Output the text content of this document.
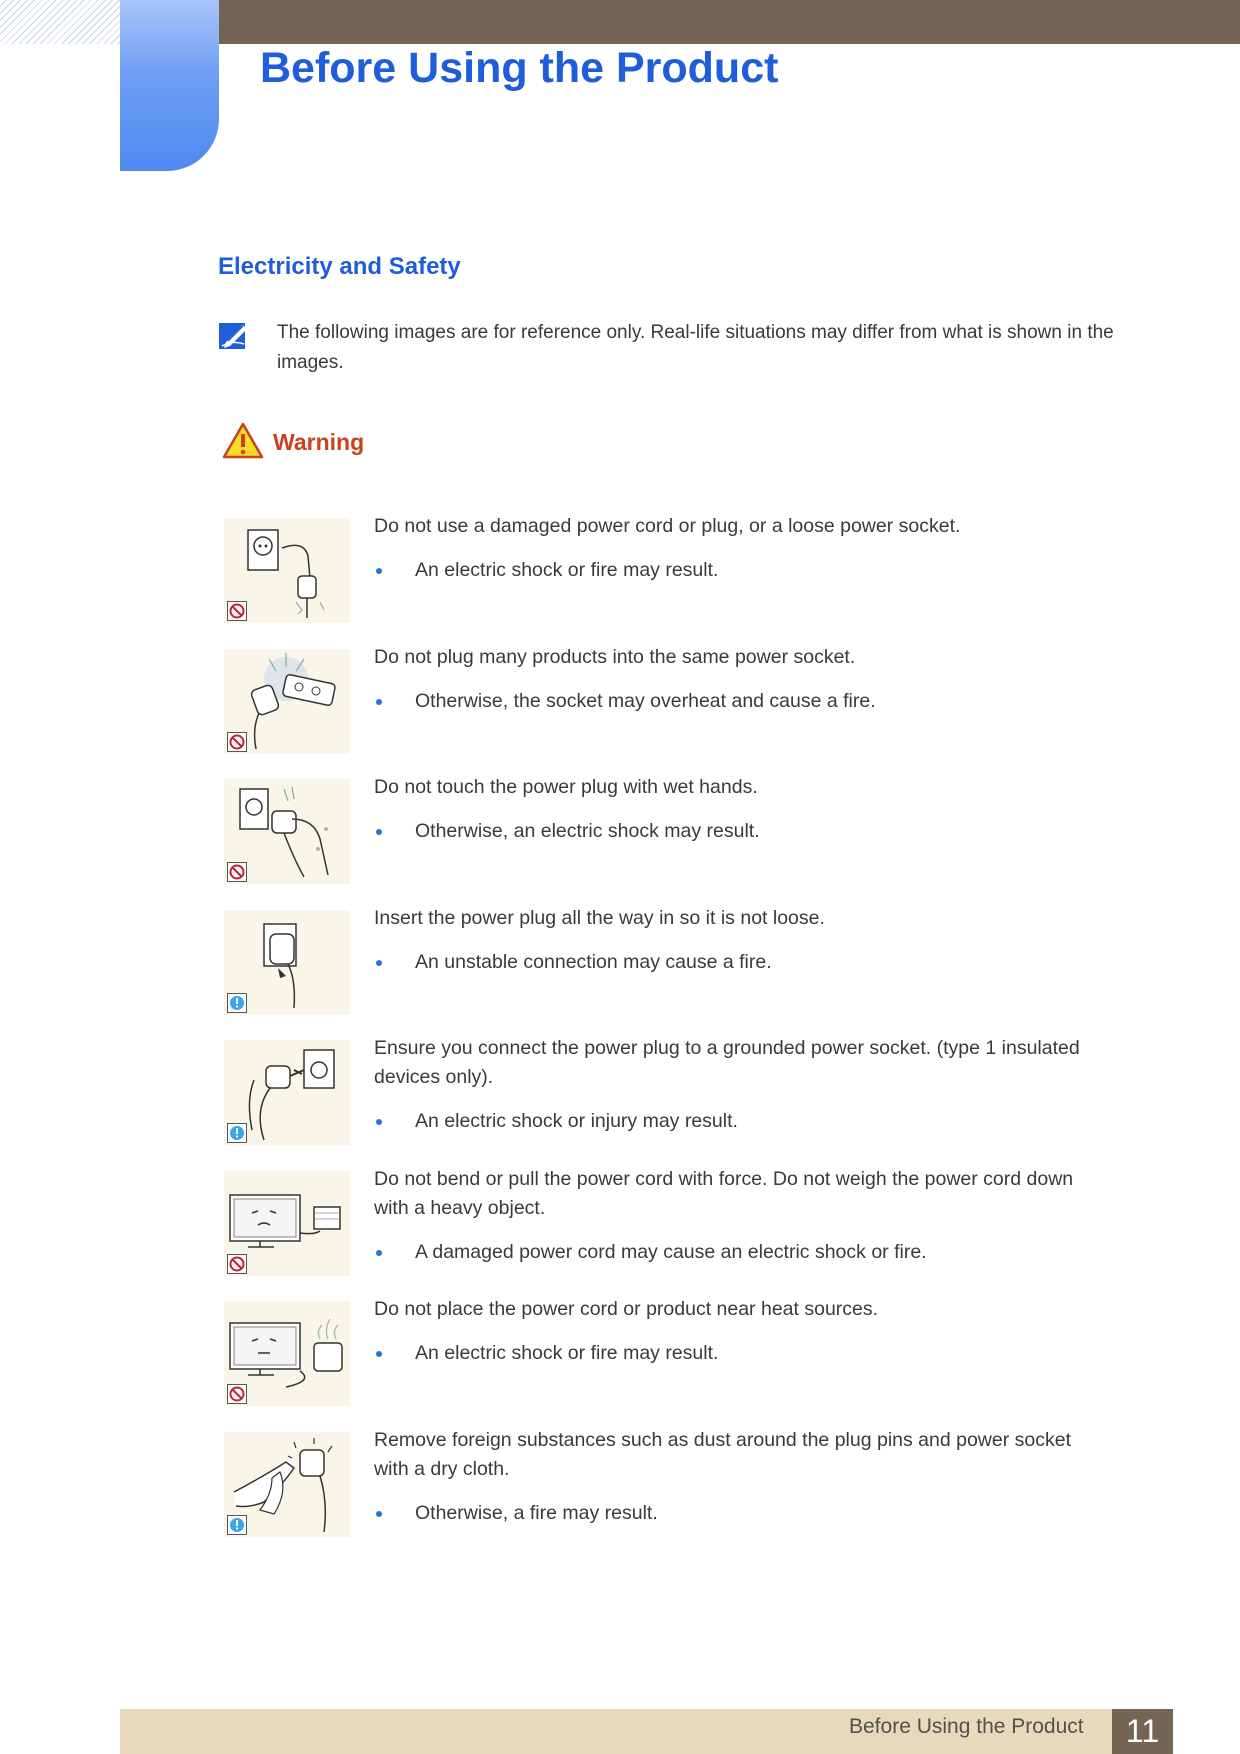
Before Using the Product
Electricity and Safety

The following images are for reference only. Real-life situations may differ from what is shown in the images.

Warning

Do not use a damaged power cord or plug, or a loose power socket.

An electric shock or fire may result.

Do not plug many products into the same power socket.

Otherwise, the socket may overheat and cause a fire.

Do not touch the power plug with wet hands.

Otherwise, an electric shock may result.

Insert the power plug all the way in so it is not loose.

An unstable connection may cause a fire.

Ensure you connect the power plug to a grounded power socket. (type 1 insulated devices only).

An electric shock or injury may result.

Do not bend or pull the power cord with force. Do not weigh the power cord down with a heavy object.

A damaged power cord may cause an electric shock or fire.

Do not place the power cord or product near heat sources.

An electric shock or fire may result.

Remove foreign substances such as dust around the plug pins and power socket with a dry cloth.

Otherwise, a fire may result.

Before Using the Product	11
